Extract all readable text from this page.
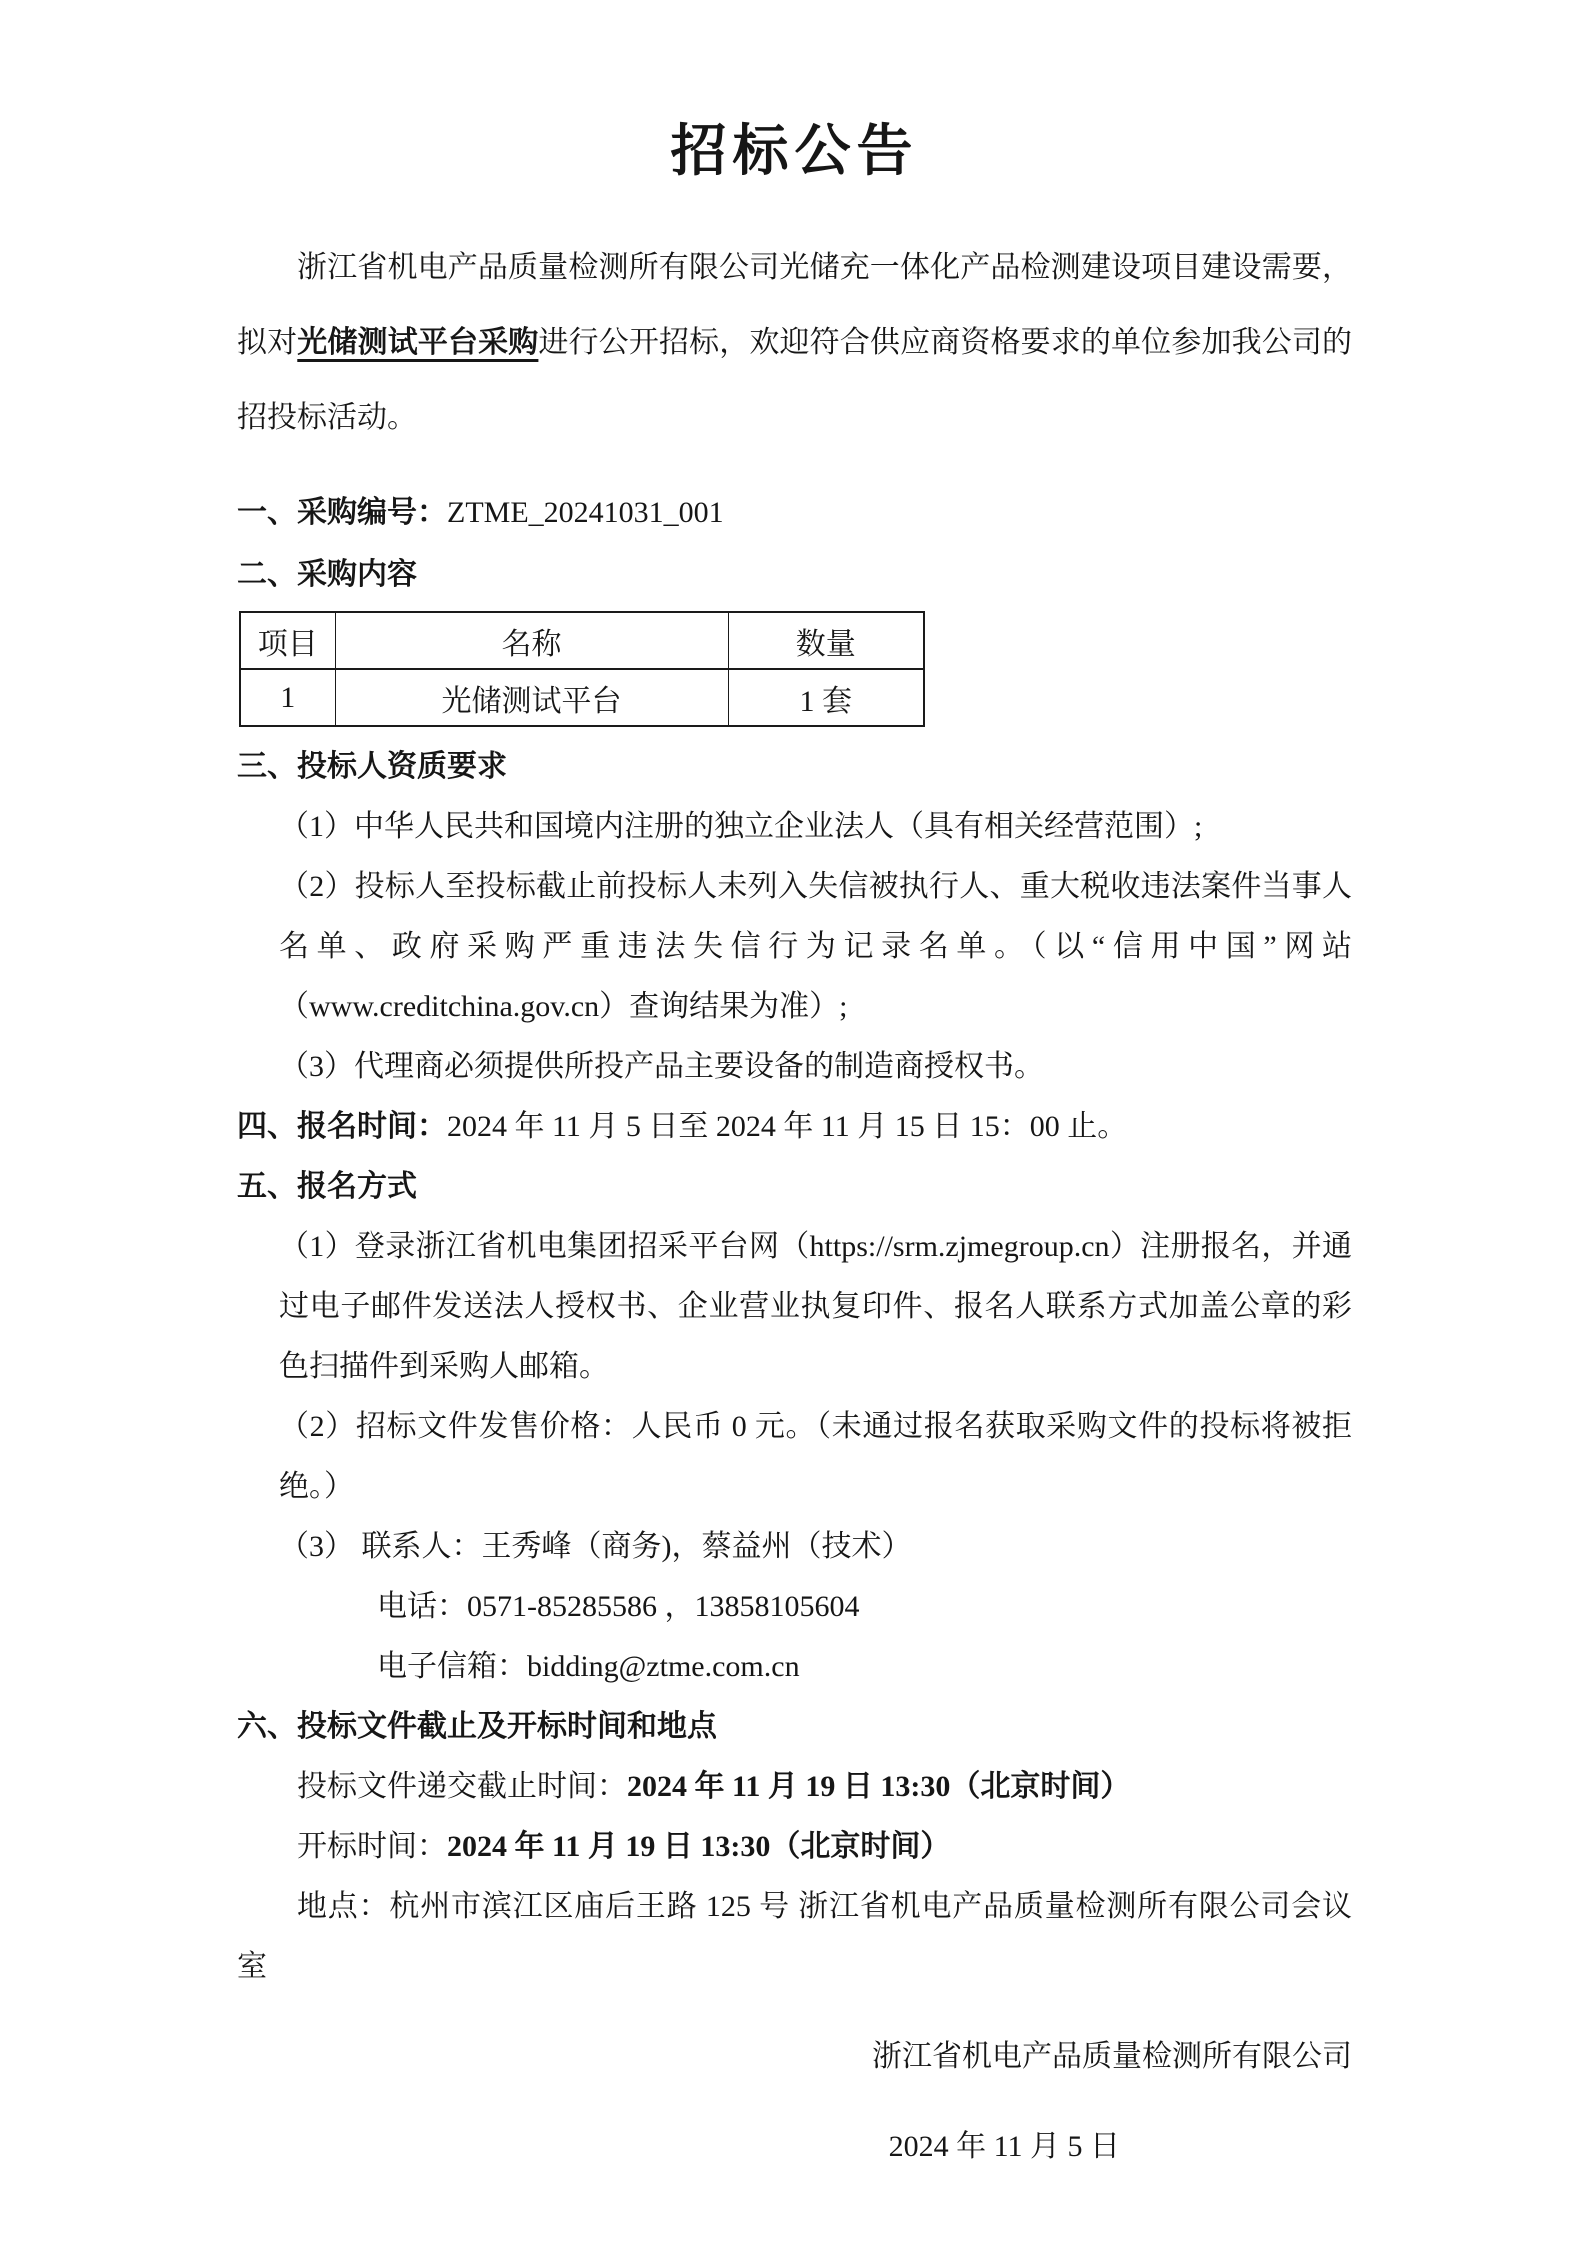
招标公告

浙江省机电产品质量检测所有限公司光储充一体化产品检测建设项目建设需要，拟对光储测试平台采购进行公开招标，欢迎符合供应商资格要求的单位参加我公司的招投标活动。

一、采购编号：ZTME_20241031_001

二、采购内容

项目	名称	数量
1	光储测试平台	1 套

三、投标人资质要求

（1）中华人民共和国境内注册的独立企业法人（具有相关经营范围）;

（2）投标人至投标截止前投标人未列入失信被执行人、重大税收违法案件当事人名单、政府采购严重违法失信行为记录名单。（以“信用中国”网站（www.creditchina.gov.cn）查询结果为准）;

（3）代理商必须提供所投产品主要设备的制造商授权书。

四、报名时间：2024 年 11 月 5 日至 2024 年 11 月 15 日 15：00 止。

五、报名方式

（1）登录浙江省机电集团招采平台网（https://srm.zjmegroup.cn）注册报名，并通过电子邮件发送法人授权书、企业营业执复印件、报名人联系方式加盖公章的彩色扫描件到采购人邮箱。

（2）招标文件发售价格：人民币 0 元。（未通过报名获取采购文件的投标将被拒绝。）

（3） 联系人：王秀峰（商务)，蔡益州（技术）

电话：0571-85285586 ，13858105604

电子信箱：bidding@ztme.com.cn

六、投标文件截止及开标时间和地点

投标文件递交截止时间：2024 年 11 月 19 日 13:30（北京时间）

开标时间：2024 年 11 月 19 日 13:30（北京时间）

地点：杭州市滨江区庙后王路 125 号 浙江省机电产品质量检测所有限公司会议室

浙江省机电产品质量检测所有限公司

2024 年 11 月 5 日
